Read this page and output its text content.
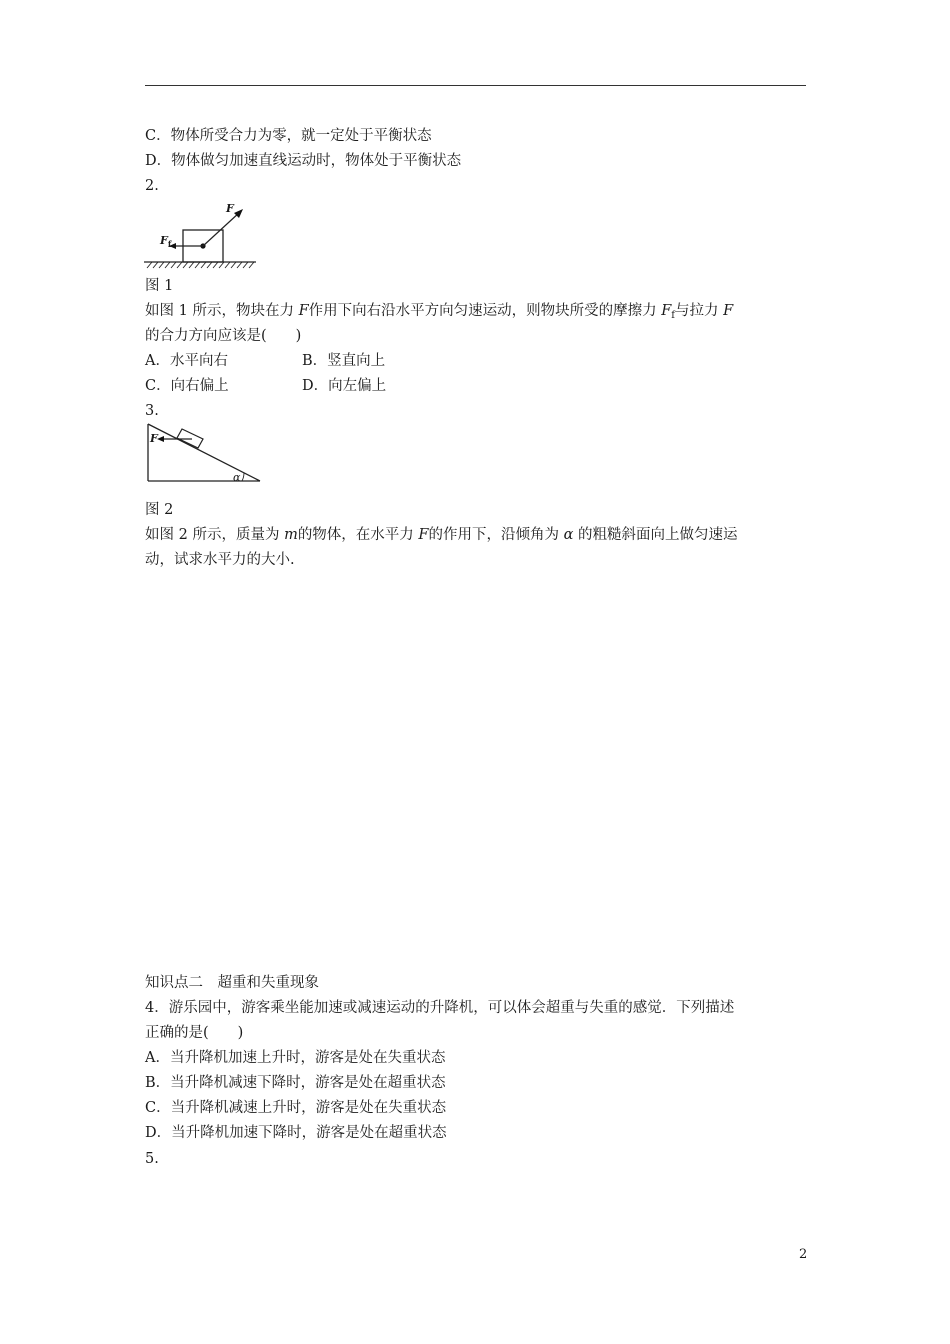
C．物体所受合力为零，就一定处于平衡状态
D．物体做匀加速直线运动时，物体处于平衡状态
2.
F
$F_f$
图 1
如图 1 所示，物块在力 F作用下向右沿水平方向匀速运动，则物块所受的摩擦力 $F_f$与拉力 F
的合力方向应该是(　　)
A．水平向右	B．竖直向上
C．向右偏上	D．向左偏上
3.
F
α
图 2
如图 2 所示，质量为 m的物体，在水平力 F的作用下，沿倾角为 α 的粗糙斜面向上做匀速运
动，试求水平力的大小.
知识点二　超重和失重现象
4．游乐园中，游客乘坐能加速或减速运动的升降机，可以体会超重与失重的感觉．下列描述
正确的是(　　)
A．当升降机加速上升时，游客是处在失重状态
B．当升降机减速下降时，游客是处在超重状态
C．当升降机减速上升时，游客是处在失重状态
D．当升降机加速下降时，游客是处在超重状态
5.
2
